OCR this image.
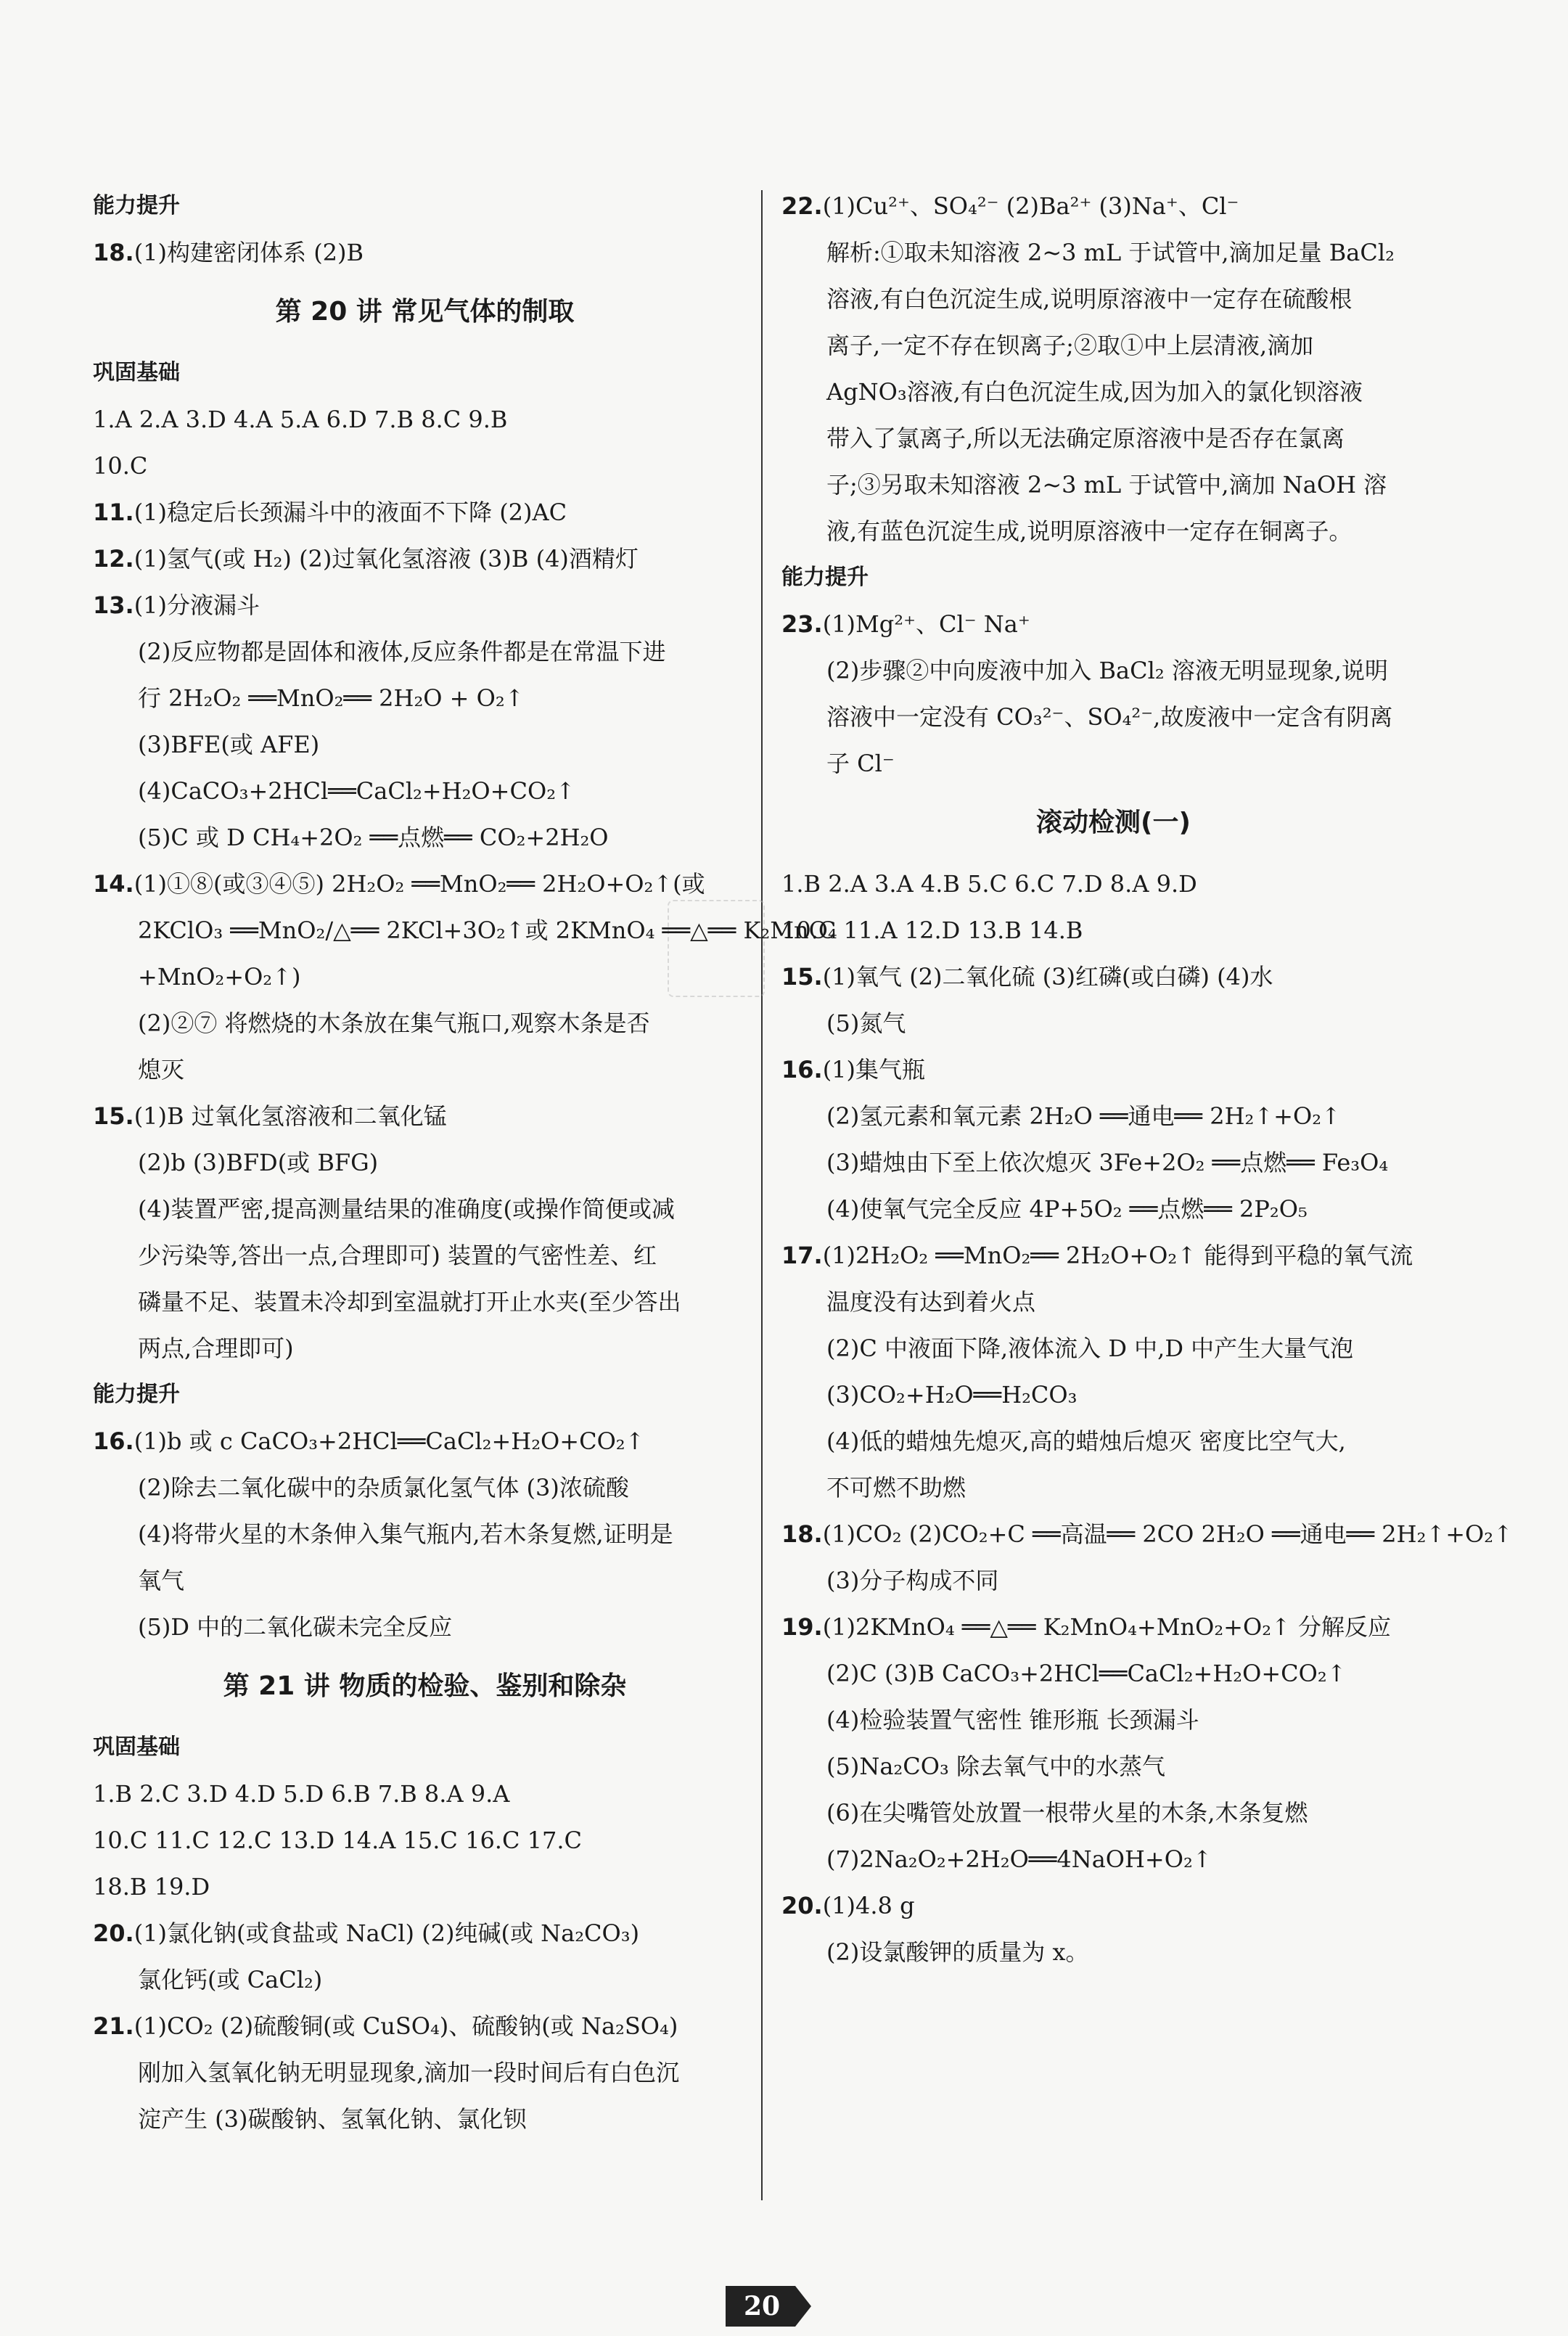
能力提升
18.(1)构建密闭体系 (2)B
第 20 讲 常见气体的制取
巩固基础
1.A 2.A 3.D 4.A 5.A 6.D 7.B 8.C 9.B
10.C
11.(1)稳定后长颈漏斗中的液面不下降 (2)AC
12.(1)氢气(或 H₂) (2)过氧化氢溶液 (3)B (4)酒精灯
13.(1)分液漏斗
(2)反应物都是固体和液体,反应条件都是在常温下进
行 2H₂O₂ ══MnO₂══ 2H₂O + O₂↑
(3)BFE(或 AFE)
(4)CaCO₃+2HCl══CaCl₂+H₂O+CO₂↑
(5)C 或 D CH₄+2O₂ ══点燃══ CO₂+2H₂O
14.(1)①⑧(或③④⑤) 2H₂O₂ ══MnO₂══ 2H₂O+O₂↑(或
2KClO₃ ══MnO₂/△══ 2KCl+3O₂↑或 2KMnO₄ ══△══ K₂MnO₄
+MnO₂+O₂↑)
(2)②⑦ 将燃烧的木条放在集气瓶口,观察木条是否
熄灭
15.(1)B 过氧化氢溶液和二氧化锰
(2)b (3)BFD(或 BFG)
(4)装置严密,提高测量结果的准确度(或操作简便或减
少污染等,答出一点,合理即可) 装置的气密性差、红
磷量不足、装置未冷却到室温就打开止水夹(至少答出
两点,合理即可)
能力提升
16.(1)b 或 c CaCO₃+2HCl══CaCl₂+H₂O+CO₂↑
(2)除去二氧化碳中的杂质氯化氢气体 (3)浓硫酸
(4)将带火星的木条伸入集气瓶内,若木条复燃,证明是
氧气
(5)D 中的二氧化碳未完全反应
第 21 讲 物质的检验、鉴别和除杂
巩固基础
1.B 2.C 3.D 4.D 5.D 6.B 7.B 8.A 9.A
10.C 11.C 12.C 13.D 14.A 15.C 16.C 17.C
18.B 19.D
20.(1)氯化钠(或食盐或 NaCl) (2)纯碱(或 Na₂CO₃)
氯化钙(或 CaCl₂)
21.(1)CO₂ (2)硫酸铜(或 CuSO₄)、硫酸钠(或 Na₂SO₄)
刚加入氢氧化钠无明显现象,滴加一段时间后有白色沉
淀产生 (3)碳酸钠、氢氧化钠、氯化钡
22.(1)Cu²⁺、SO₄²⁻ (2)Ba²⁺ (3)Na⁺、Cl⁻
解析:①取未知溶液 2~3 mL 于试管中,滴加足量 BaCl₂
溶液,有白色沉淀生成,说明原溶液中一定存在硫酸根
离子,一定不存在钡离子;②取①中上层清液,滴加
AgNO₃溶液,有白色沉淀生成,因为加入的氯化钡溶液
带入了氯离子,所以无法确定原溶液中是否存在氯离
子;③另取未知溶液 2~3 mL 于试管中,滴加 NaOH 溶
液,有蓝色沉淀生成,说明原溶液中一定存在铜离子。
能力提升
23.(1)Mg²⁺、Cl⁻ Na⁺
(2)步骤②中向废液中加入 BaCl₂ 溶液无明显现象,说明
溶液中一定没有 CO₃²⁻、SO₄²⁻,故废液中一定含有阴离
子 Cl⁻
滚动检测(一)
1.B 2.A 3.A 4.B 5.C 6.C 7.D 8.A 9.D
10.C 11.A 12.D 13.B 14.B
15.(1)氧气 (2)二氧化硫 (3)红磷(或白磷) (4)水
(5)氮气
16.(1)集气瓶
(2)氢元素和氧元素 2H₂O ══通电══ 2H₂↑+O₂↑
(3)蜡烛由下至上依次熄灭 3Fe+2O₂ ══点燃══ Fe₃O₄
(4)使氧气完全反应 4P+5O₂ ══点燃══ 2P₂O₅
17.(1)2H₂O₂ ══MnO₂══ 2H₂O+O₂↑ 能得到平稳的氧气流
温度没有达到着火点
(2)C 中液面下降,液体流入 D 中,D 中产生大量气泡
(3)CO₂+H₂O══H₂CO₃
(4)低的蜡烛先熄灭,高的蜡烛后熄灭 密度比空气大,
不可燃不助燃
18.(1)CO₂ (2)CO₂+C ══高温══ 2CO 2H₂O ══通电══ 2H₂↑+O₂↑
(3)分子构成不同
19.(1)2KMnO₄ ══△══ K₂MnO₄+MnO₂+O₂↑ 分解反应
(2)C (3)B CaCO₃+2HCl══CaCl₂+H₂O+CO₂↑
(4)检验装置气密性 锥形瓶 长颈漏斗
(5)Na₂CO₃ 除去氧气中的水蒸气
(6)在尖嘴管处放置一根带火星的木条,木条复燃
(7)2Na₂O₂+2H₂O══4NaOH+O₂↑
20.(1)4.8 g
(2)设氯酸钾的质量为 x。
20
